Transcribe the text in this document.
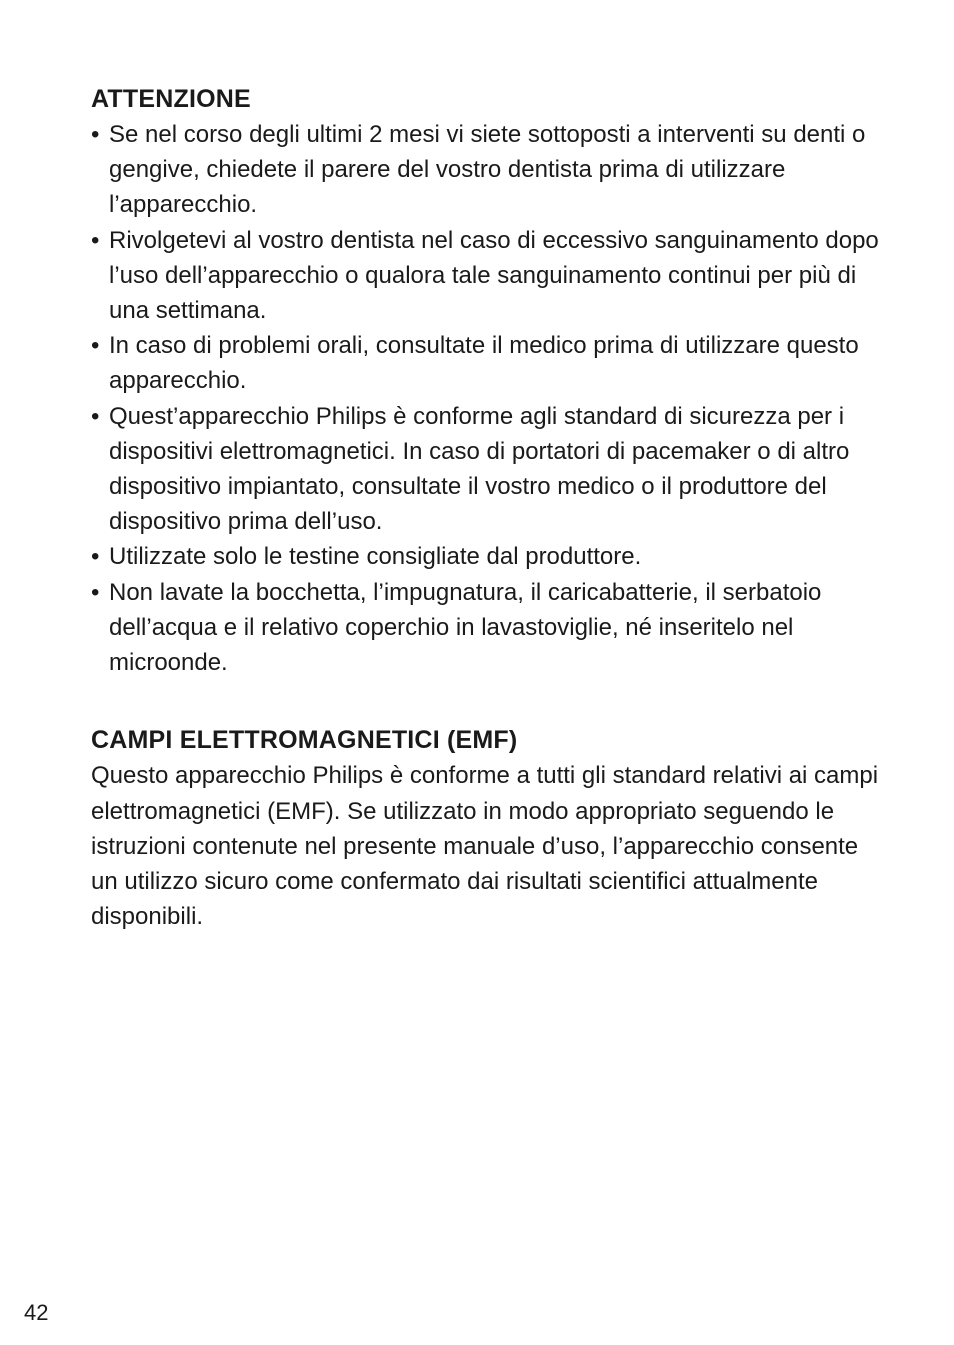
ATTENZIONE
• Se nel corso degli ultimi 2 mesi vi siete sottoposti a interventi su denti o gengive, chiedete il parere del vostro dentista prima di utilizzare l’apparecchio.
• Rivolgetevi al vostro dentista nel caso di eccessivo sanguinamento dopo l’uso dell’apparecchio o qualora tale sanguinamento continui per più di una settimana.
• In caso di problemi orali, consultate il medico prima di utilizzare questo apparecchio.
• Quest’apparecchio Philips è conforme agli standard di sicurezza per i dispositivi elettromagnetici. In caso di portatori di pacemaker o di altro dispositivo impiantato, consultate il vostro medico o il produttore del dispositivo prima dell’uso.
• Utilizzate solo le testine consigliate dal produttore.
• Non lavate la bocchetta, l’impugnatura, il caricabatterie, il serbatoio dell’acqua e il relativo coperchio in lavastoviglie, né inseritelo nel microonde.
CAMPI ELETTROMAGNETICI (EMF)

Questo apparecchio Philips è conforme a tutti gli standard relativi ai campi elettromagnetici (EMF). Se utilizzato in modo appropriato seguendo le istruzioni contenute nel presente manuale d’uso, l’apparecchio consente un utilizzo sicuro come confermato dai risultati scientifici attualmente disponibili.

42
